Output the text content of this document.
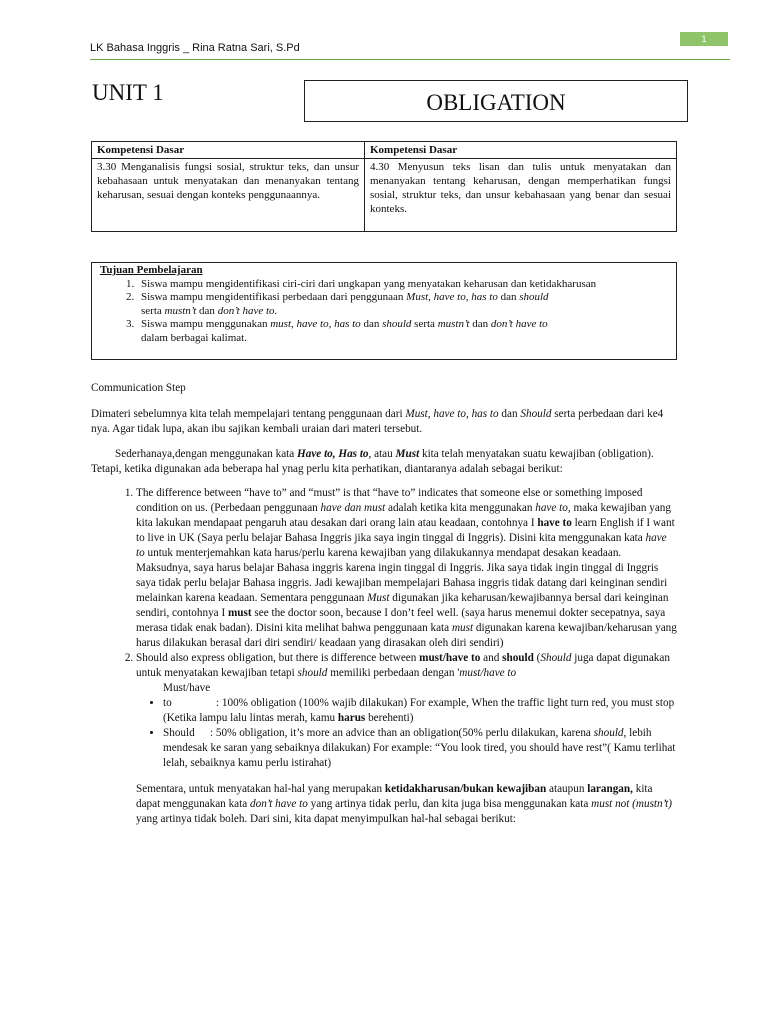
LK Bahasa Inggris _ Rina Ratna Sari, S.Pd
1
UNIT 1	OBLIGATION
Kompetensi Dasar	Kompetensi Dasar
3.30 Menganalisis fungsi sosial, struktur teks, dan unsur kebahasaan untuk menyatakan dan menanyakan tentang keharusan, sesuai dengan konteks penggunaannya.	4.30 Menyusun teks lisan dan tulis untuk menyatakan dan menanyakan tentang keharusan, dengan memperhatikan fungsi sosial, struktur teks, dan unsur kebahasaan yang benar dan sesuai konteks.
Tujuan Pembelajaran
1. Siswa mampu mengidentifikasi ciri-ciri dari ungkapan yang menyatakan keharusan dan ketidakharusan
2. Siswa mampu mengidentifikasi perbedaan dari penggunaan Must, have to, has to dan should
serta mustn’t dan don’t have to.
3. Siswa mampu menggunakan must, have to, has to dan should serta mustn’t dan don’t have to
dalam berbagai kalimat.

Communication Step

Dimateri sebelumnya kita telah mempelajari tentang penggunaan dari Must, have to, has to dan Should serta perbedaan dari ke4 nya. Agar tidak lupa, akan ibu sajikan kembali uraian dari materi tersebut.

Sederhanaya,dengan menggunakan kata Have to, Has to, atau Must kita telah menyatakan suatu kewajiban (obligation). Tetapi, ketika digunakan ada beberapa hal ynag perlu kita perhatikan, diantaranya adalah sebagai berikut:

1. The difference between “have to” and “must” is that “have to” indicates that someone else or something imposed condition on us. (Perbedaan penggunaan have dan must adalah ketika kita menggunakan have to, maka kewajiban yang kita lakukan mendapaat pengaruh atau desakan dari orang lain atau keadaan, contohnya I have to learn English if I want to live in UK (Saya perlu belajar Bahasa Inggris jika saya ingin tinggal di Inggris). Disini kita menggunakan kata have to untuk menterjemahkan kata harus/perlu karena kewajiban yang dilakukannya mendapat desakan keadaan. Maksudnya, saya harus belajar Bahasa inggris karena ingin tinggal di Inggris. Jika saya tidak ingin tinggal di Inggris saya tidak perlu belajar Bahasa inggris. Jadi kewajiban mempelajari Bahasa inggris tidak datang dari keinginan sendiri melainkan karena keadaan. Sementara penggunaan Must digunakan jika keharusan/kewajibannya bersal dari keinginan sendiri, contohnya I must see the doctor soon, because I don’t feel well. (saya harus menemui dokter secepatnya, saya merasa tidak enak badan). Disini kita melihat bahwa penggunaan kata must digunakan karena kewajiban/keharusan yang harus dilakukan berasal dari diri sendiri/ keadaan yang dirasakan oleh diri sendiri)
2. Should also express obligation, but there is difference between must/have to and should (Should juga dapat digunakan untuk menyatakan kewajiban tetapi should memiliki perbedaan dengan 'must/have to
• Must/have to	: 100% obligation (100% wajib dilakukan) For example, When the traffic light turn red, you must stop (Ketika lampu lalu lintas merah, kamu harus berehenti)
• Should : 50% obligation, it’s more an advice than an obligation(50% perlu dilakukan, karena should, lebih mendesak ke saran yang sebaiknya dilakukan) For example: “You look tired, you should have rest”( Kamu terlihat lelah, sebaiknya kamu perlu istirahat)

Sementara, untuk menyatakan hal-hal yang merupakan ketidakharusan/bukan kewajiban ataupun larangan, kita dapat menggunakan kata don’t have to yang artinya tidak perlu, dan kita juga bisa menggunakan kata must not (mustn’t) yang artinya tidak boleh. Dari sini, kita dapat menyimpulkan hal-hal sebagai berikut:
